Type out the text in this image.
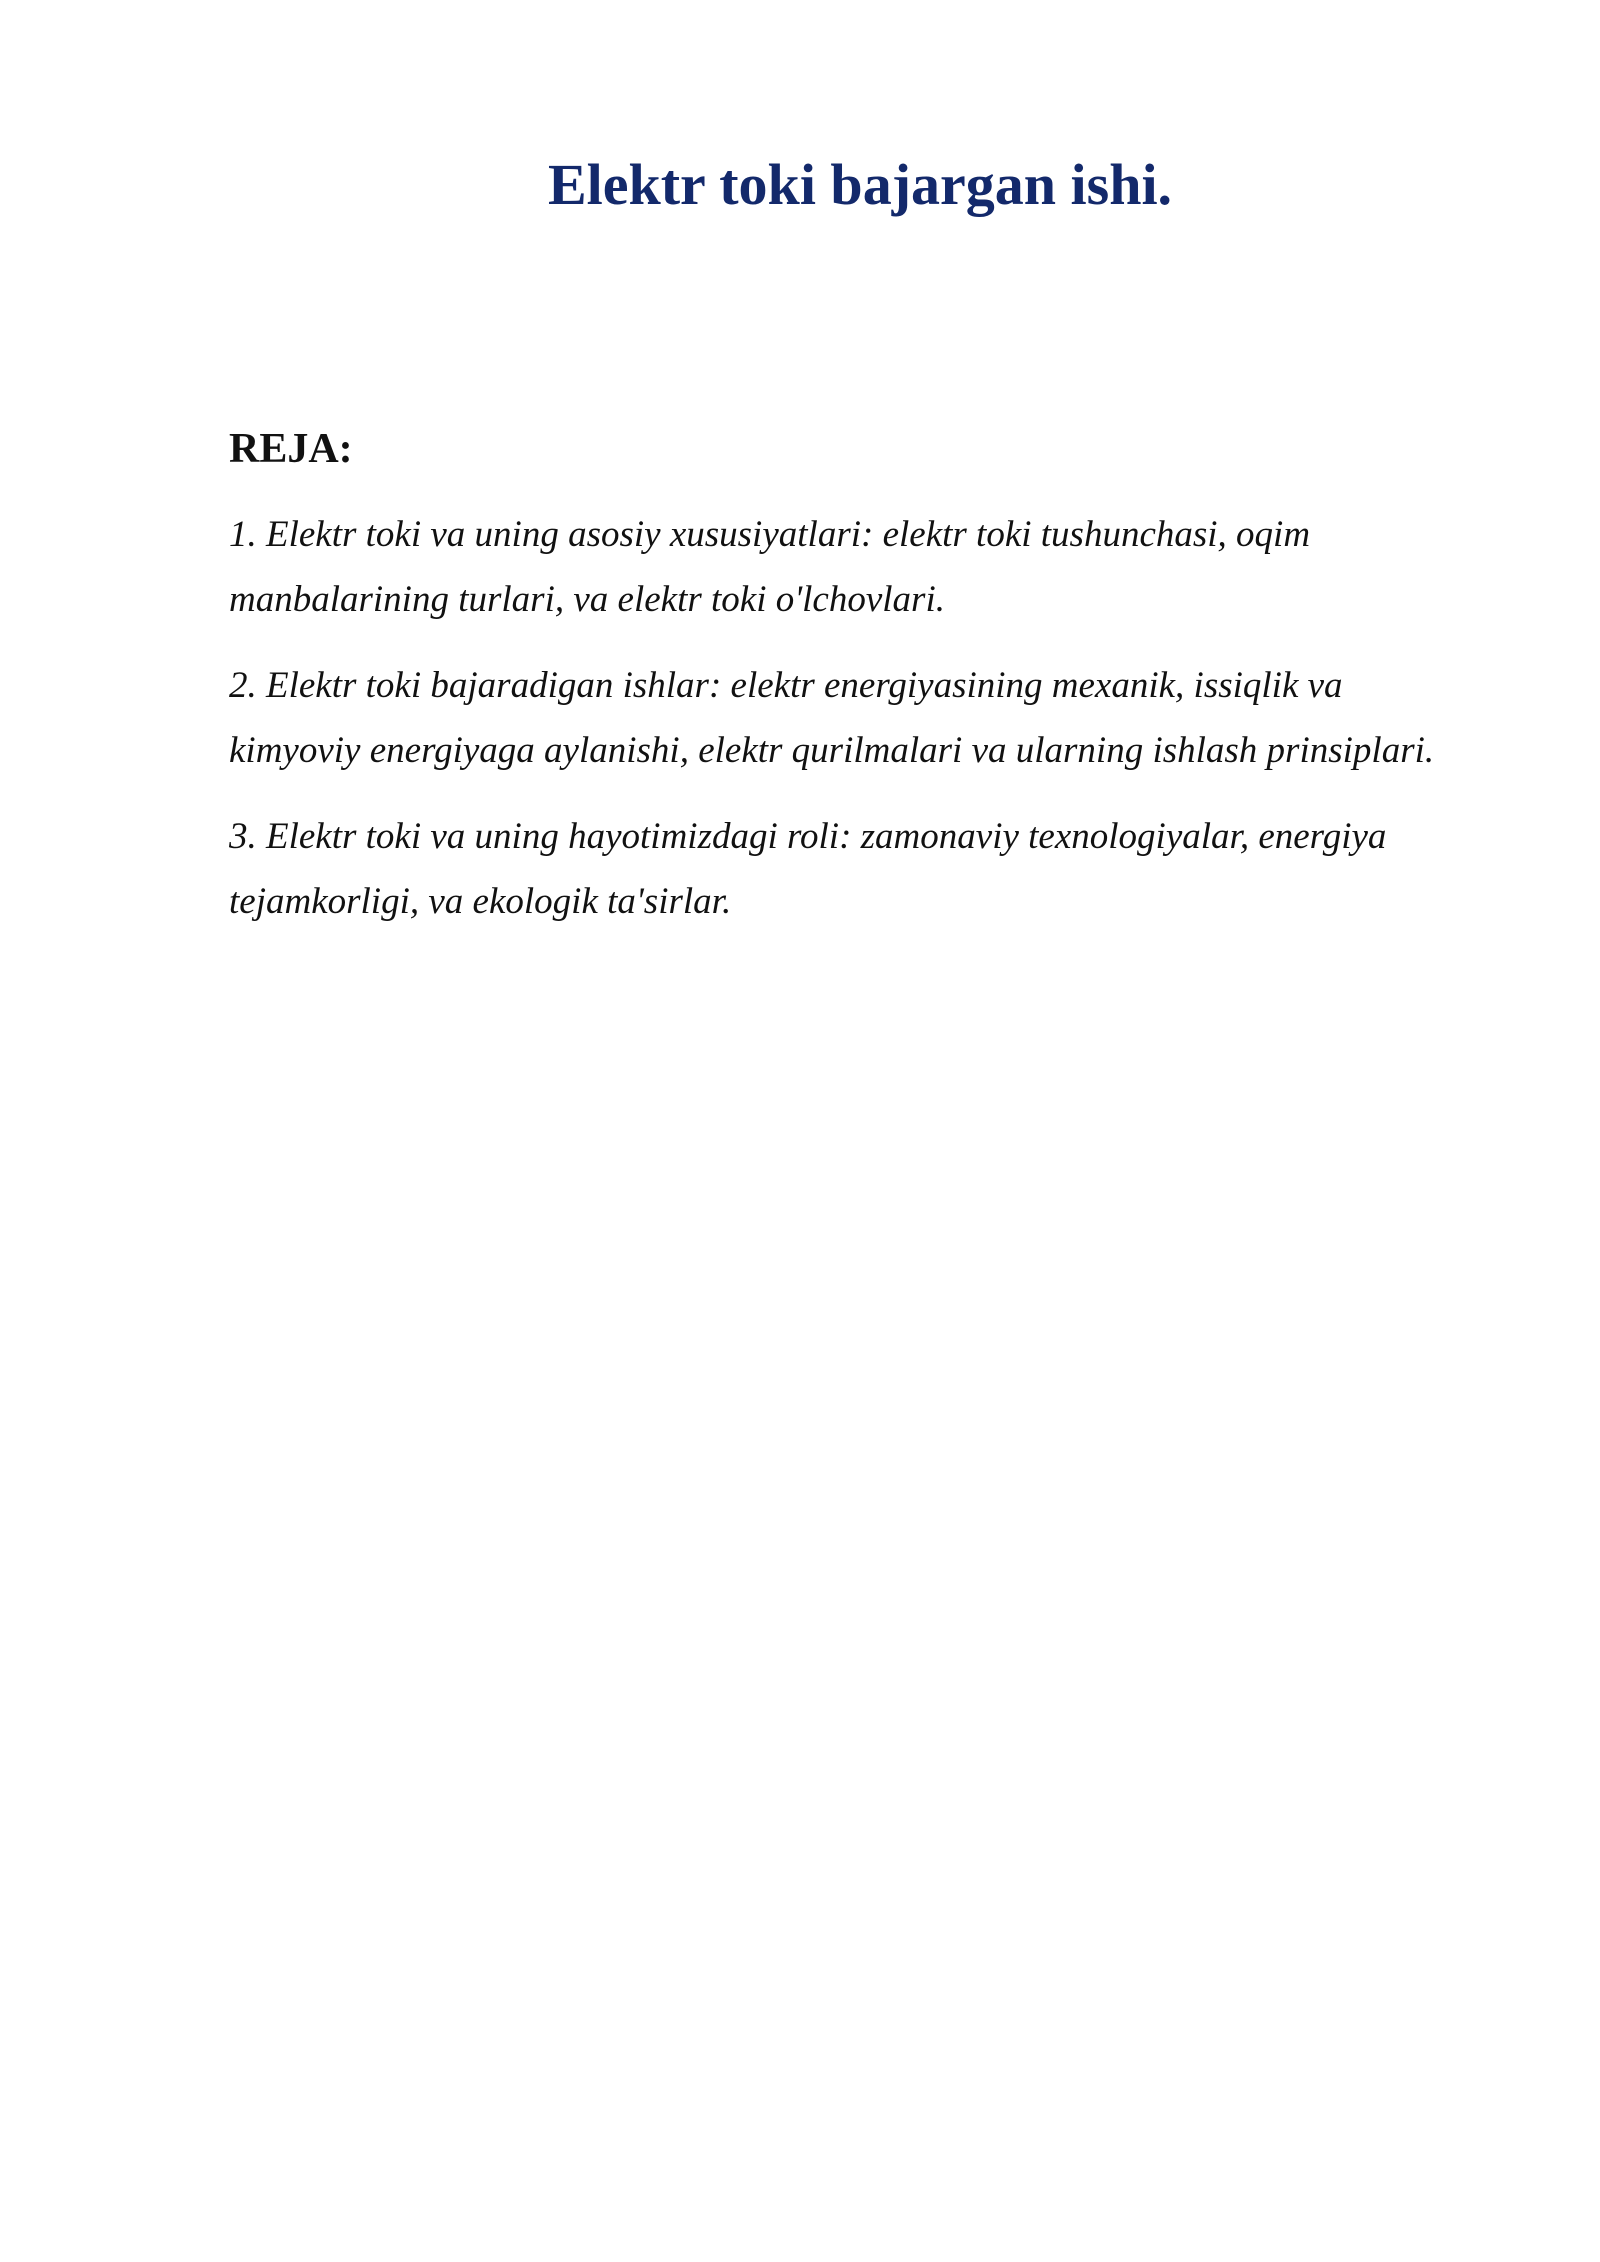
Elektr toki bajargan ishi.
REJA:

1. Elektr toki va uning asosiy xususiyatlari: elektr toki tushunchasi, oqim manbalarining turlari, va elektr toki o'lchovlari.

2. Elektr toki bajaradigan ishlar: elektr energiyasining mexanik, issiqlik va kimyoviy energiyaga aylanishi, elektr qurilmalari va ularning ishlash prinsiplari.

3. Elektr toki va uning hayotimizdagi roli: zamonaviy texnologiyalar, energiya tejamkorligi, va ekologik ta'sirlar.
